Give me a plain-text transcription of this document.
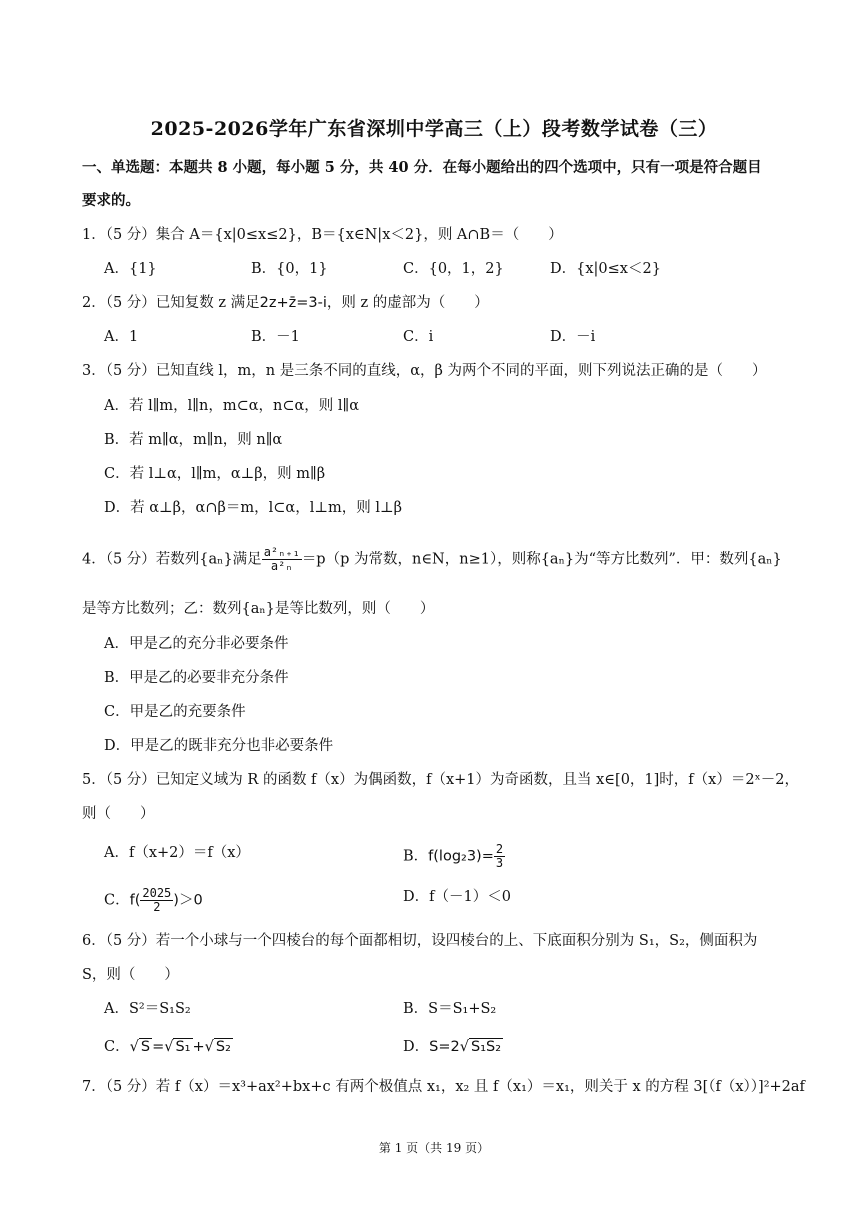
2025-2026学年广东省深圳中学高三（上）段考数学试卷（三）
一、单选题：本题共 8 小题，每小题 5 分，共 40 分．在每小题给出的四个选项中，只有一项是符合题目
要求的。
1．（5 分）集合 A＝{x|0≤x≤2}，B＝{x∈N|x＜2}，则 A∩B＝（　　）
A．{1}	B．{0，1}	C．{0，1，2}	D．{x|0≤x＜2}
2．（5 分）已知复数 z 满足2z+z̄=3-i，则 z 的虚部为（　　）
A．1	B．－1	C．i	D．－i
3．（5 分）已知直线 l，m，n 是三条不同的直线，α，β 为两个不同的平面，则下列说法正确的是（　　）
A．若 l∥m，l∥n，m⊂α，n⊂α，则 l∥α
B．若 m∥α，m∥n，则 n∥α
C．若 l⊥α，l∥m，α⊥β，则 m∥β
D．若 α⊥β，α∩β＝m，l⊂α，l⊥m，则 l⊥β
4．（5 分）若数列{aₙ}满足 $\frac{\text{a²ₙ₊₁}}{\text{a²ₙ}} =p(p$ 为常数，n∈N，n≥1），则称{aₙ}为“等方比数列”．甲：数列{aₙ}
是等方比数列；乙：数列{aₙ}是等比数列，则（　　）
A．甲是乙的充分非必要条件
B．甲是乙的必要非充分条件
C．甲是乙的充要条件
D．甲是乙的既非充分也非必要条件
5．（5 分）已知定义域为 R 的函数 f（x）为偶函数，f（x+1）为奇函数，且当 x∈[0，1]时，f（x）＝2ˣ－2，
则（　　）
A．f（x+2）＝f（x）	B．$f(\log_23)= \frac{2}{3}$
C．$f( \frac{2025}{2} )>0$	D．f（－1）＜0
6．（5 分）若一个小球与一个四棱台的每个面都相切，设四棱台的上、下底面积分别为 S₁，S₂，侧面积为
S，则（　　）
A．S²＝S₁S₂	B．S＝S₁+S₂
C．√ S =√ S₁ +√ S₂	D．S=2√ S₁S₂
7．（5 分）若 f（x）＝x³+ax²+bx+c 有两个极值点 x₁，x₂ 且 f（x₁）＝x₁，则关于 x 的方程 3[（f（x））]²+2af
第 1 页（共 19 页）
